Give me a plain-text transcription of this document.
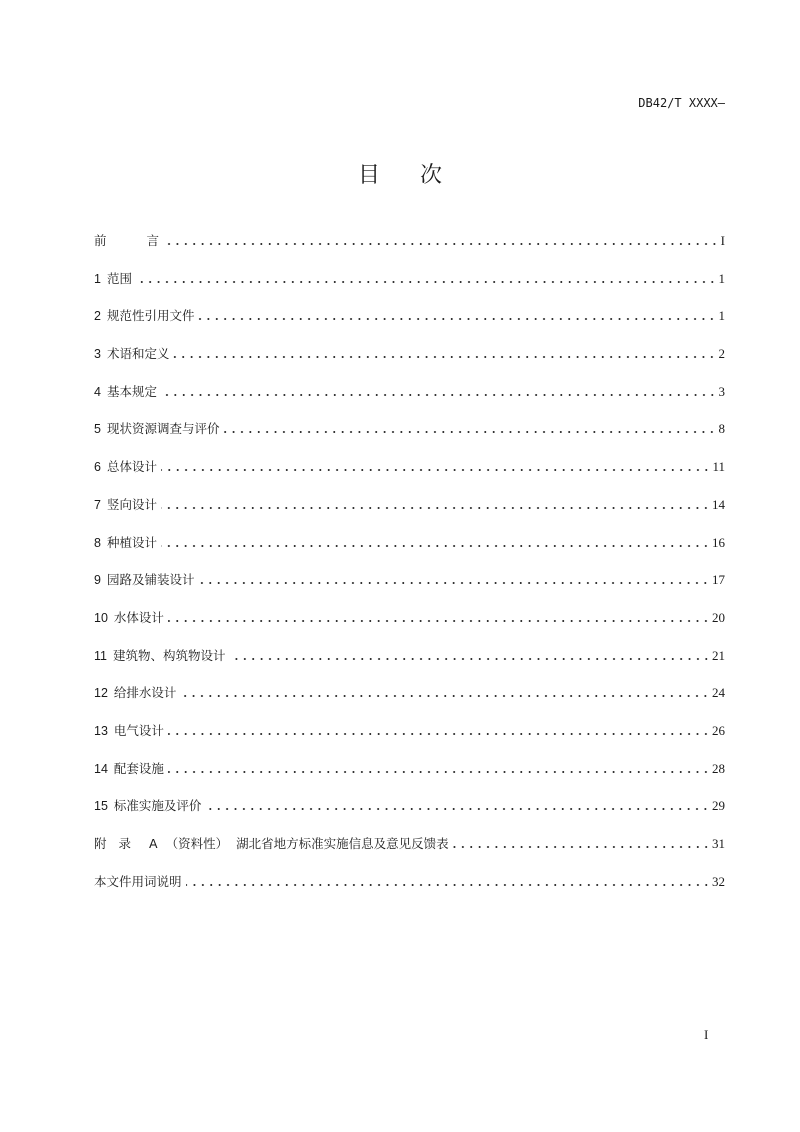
DB42/T XXXX—
目 次
前	言	I
1 范围	1
2 规范性引用文件	1
3 术语和定义	2
4 基本规定	3
5 现状资源调查与评价	8
6 总体设计	11
7 竖向设计	14
8 种植设计	16
9 园路及铺装设计	17
10 水体设计	20
11 建筑物、构筑物设计	21
12 给排水设计	24
13 电气设计	26
14 配套设施	28
15 标准实施及评价	29
附 录 A （资料性） 湖北省地方标准实施信息及意见反馈表	31
本文件用词说明	32
I
